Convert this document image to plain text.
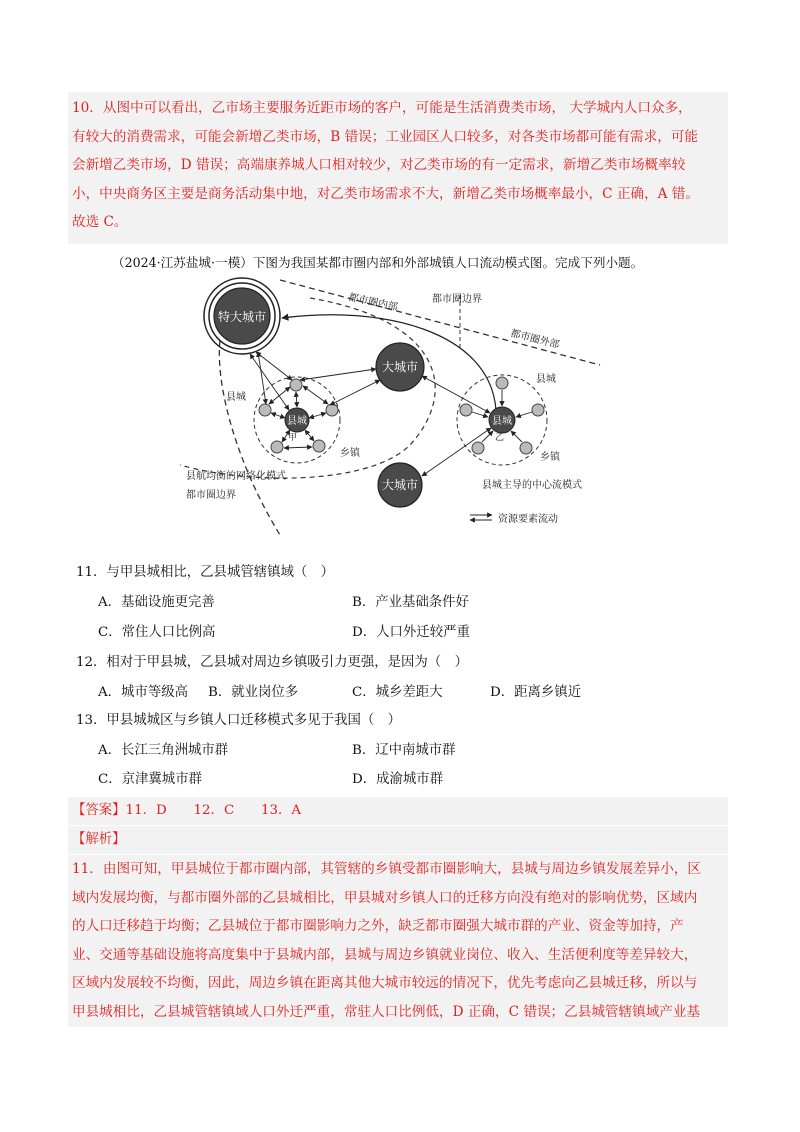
10．从图中可以看出，乙市场主要服务近距市场的客户，可能是生活消费类市场， 大学城内人口众多，

有较大的消费需求，可能会新增乙类市场，B 错误；工业园区人口较多，对各类市场都可能有需求，可能

会新增乙类市场，D 错误；高端康养城人口相对较少，对乙类市场的有一定需求，新增乙类市场概率较

小，中央商务区主要是商务活动集中地，对乙类市场需求不大，新增乙类市场概率最小，C 正确，A 错。

故选 C。

（2024·江苏盐城·一模）下图为我国某都市圈内部和外部城镇人口流动模式图。完成下列小题。
特大城市
大城市
大城市
县城
甲
县城
乡镇
县城
乙
县城
乡镇
都市圈内部	都市圈边界
都市圈外部
县航均衡的网络化模式
都市圈边界
县城主导的中心流模式
资源要素流动
11．与甲县城相比，乙县城管辖镇域（　）
A．基础设施更完善	B．产业基础条件好
C．常住人口比例高	D．人口外迁较严重
12．相对于甲县城，乙县城对周边乡镇吸引力更强，是因为（　）
A．城市等级高 B．就业岗位多	C．城乡差距大	D．距离乡镇近
13．甲县城城区与乡镇人口迁移模式多见于我国（　）
A．长江三角洲城市群	B．辽中南城市群
C．京津冀城市群	D．成渝城市群
【答案】11．D　　12．C　　13．A
【解析】

11．由图可知，甲县城位于都市圈内部，其管辖的乡镇受都市圈影响大，县城与周边乡镇发展差异小，区

域内发展均衡，与都市圈外部的乙县城相比，甲县城对乡镇人口的迁移方向没有绝对的影响优势，区域内

的人口迁移趋于均衡；乙县城位于都市圈影响力之外，缺乏都市圈强大城市群的产业、资金等加持，产

业、交通等基础设施将高度集中于县城内部，县城与周边乡镇就业岗位、收入、生活便利度等差异较大，

区域内发展较不均衡，因此，周边乡镇在距离其他大城市较远的情况下，优先考虑向乙县城迁移，所以与

甲县城相比，乙县城管辖镇域人口外迁严重，常驻人口比例低，D 正确，C 错误；乙县城管辖镇域产业基
